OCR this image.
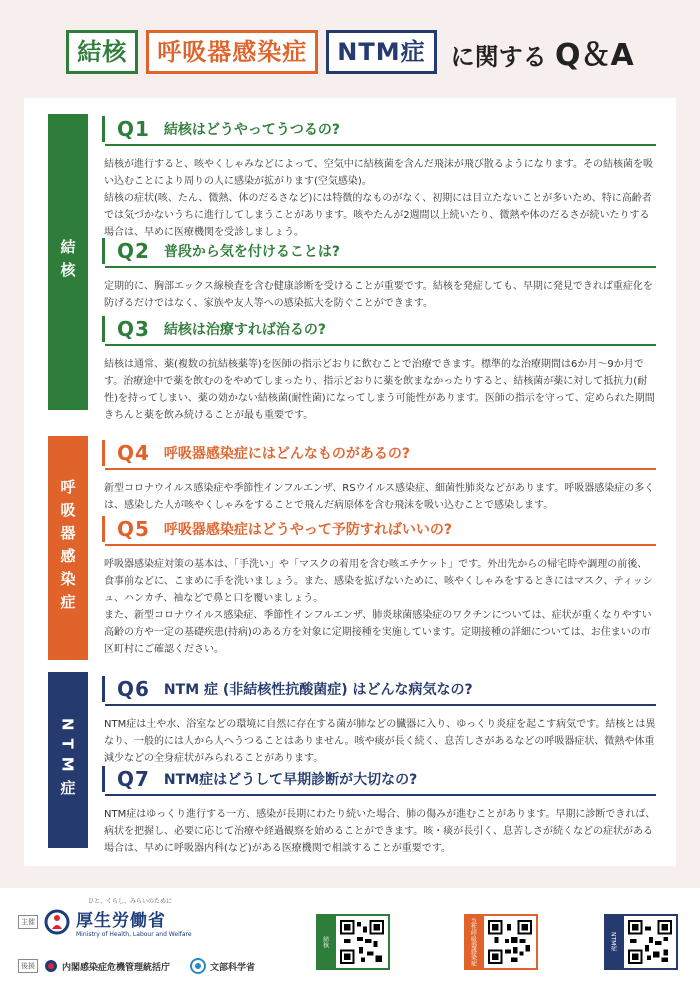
結核	呼吸器感染症	NTM症	に関する Q＆A
結核
Q1 結核はどうやってうつるの?

結核が進行すると、咳やくしゃみなどによって、空気中に結核菌を含んだ飛沫が飛び散るようになります。その結核菌を吸い込むことにより周りの人に感染が拡がります(空気感染)。

結核の症状(咳、たん、微熱、体のだるさなど)には特徴的なものがなく、初期には目立たないことが多いため、特に高齢者では気づかないうちに進行してしまうことがあります。咳やたんが2週間以上続いたり、微熱や体のだるさが続いたりする場合は、早めに医療機関を受診しましょう。

Q2 普段から気を付けることは?

定期的に、胸部エックス線検査を含む健康診断を受けることが重要です。結核を発症しても、早期に発見できれば重症化を防げるだけではなく、家族や友人等への感染拡大を防ぐことができます。

Q3 結核は治療すれば治るの?

結核は通常、薬(複数の抗結核薬等)を医師の指示どおりに飲むことで治療できます。標準的な治療期間は6か月〜9か月です。治療途中で薬を飲むのをやめてしまったり、指示どおりに薬を飲まなかったりすると、結核菌が薬に対して抵抗力(耐性)を持ってしまい、薬の効かない結核菌(耐性菌)になってしまう可能性があります。医師の指示を守って、定められた期間きちんと薬を飲み続けることが最も重要です。

呼吸器感染症
Q4 呼吸器感染症にはどんなものがあるの?

新型コロナウイルス感染症や季節性インフルエンザ、RSウイルス感染症、細菌性肺炎などがあります。呼吸器感染症の多くは、感染した人が咳やくしゃみをすることで飛んだ病原体を含む飛沫を吸い込むことで感染します。

Q5 呼吸器感染症はどうやって予防すればいいの?

呼吸器感染症対策の基本は、「手洗い」や「マスクの着用を含む咳エチケット」です。外出先からの帰宅時や調理の前後、食事前などに、こまめに手を洗いましょう。また、感染を拡げないために、咳やくしゃみをするときにはマスク、ティッシュ、ハンカチ、袖などで鼻と口を覆いましょう。

また、新型コロナウイルス感染症、季節性インフルエンザ、肺炎球菌感染症のワクチンについては、症状が重くなりやすい高齢の方や一定の基礎疾患(持病)のある方を対象に定期接種を実施しています。定期接種の詳細については、お住まいの市区町村にご確認ください。

NTM症
Q6 NTM 症 (非結核性抗酸菌症) はどんな病気なの?

NTM症は土や水、浴室などの環境に自然に存在する菌が肺などの臓器に入り、ゆっくり炎症を起こす病気です。結核とは異なり、一般的には人から人へうつることはありません。咳や痰が長く続く、息苦しさがあるなどの呼吸器症状、微熱や体重減少などの全身症状がみられることがあります。

Q7 NTM症はどうして早期診断が大切なの?

NTM症はゆっくり進行する一方、感染が長期にわたり続いた場合、肺の傷みが進むことがあります。早期に診断できれば、病状を把握し、必要に応じて治療や経過観察を始めることができます。咳・痰が長引く、息苦しさが続くなどの症状がある場合は、早めに呼吸器内科(など)がある医療機関で相談することが重要です。

主催 厚生労働省
Ministry of Health, Labour and Welfare
ひと、くらし、みらいのために
後援	内閣感染症危機管理統括庁	文部科学省
結核	急性呼吸器感染症	NTM症
